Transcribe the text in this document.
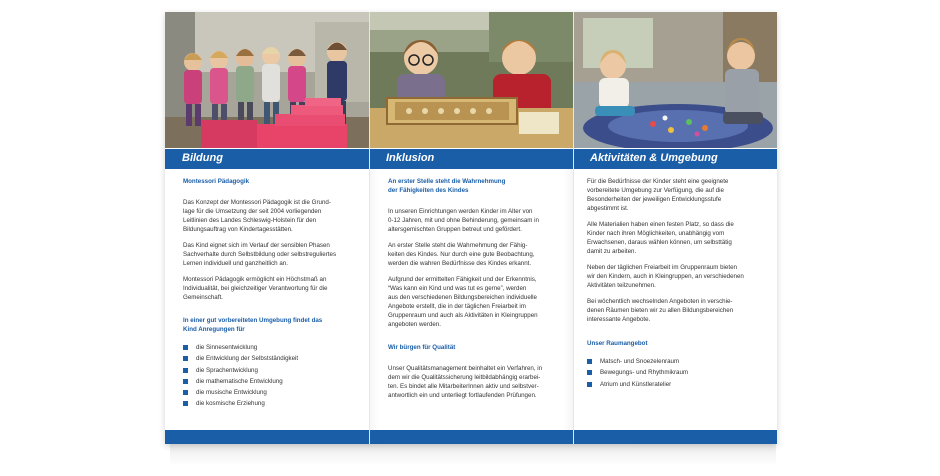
Bildung
Montessori Pädagogik
Das Konzept der Montessori Pädagogik ist die Grund-
lage für die Umsetzung der seit 2004 vorliegenden
Leitlinien des Landes Schleswig-Holstein für den
Bildungsauftrag von Kindertagesstätten.
Das Kind eignet sich im Verlauf der sensiblen Phasen
Sachverhalte durch Selbstbildung oder selbstreguliertes
Lernen individuell und ganzheitlich an.
Montessori Pädagogik ermöglicht ein Höchstmaß an
Individualität, bei gleichzeitiger Verantwortung für die
Gemeinschaft.
In einer gut vorbereiteten Umgebung findet das
Kind Anregungen für
die Sinnesentwicklung
die Entwicklung der Selbstständigkeit
die Sprachentwicklung
die mathematische Entwicklung
die musische Entwicklung
die kosmische Erziehung
Inklusion
An erster Stelle steht die Wahrnehmung
der Fähigkeiten des Kindes
In unseren Einrichtungen werden Kinder im Alter von
0-12 Jahren, mit und ohne Behinderung, gemeinsam in
altersgemischten Gruppen betreut und gefördert.
An erster Stelle steht die Wahrnehmung der Fähig-
keiten des Kindes. Nur durch eine gute Beobachtung,
werden die wahren Bedürfnisse des Kindes erkannt.
Aufgrund der ermittelten Fähigkeit und der Erkenntnis,
“Was kann ein Kind und was tut es gerne”, werden
aus den verschiedenen Bildungsbereichen individuelle
Angebote erstellt, die in der täglichen Freiarbeit im
Gruppenraum und auch als Aktivitäten in Kleingruppen
angeboten werden.
Wir bürgen für Qualität
Unser Qualitätsmanagement beinhaltet ein Verfahren, in
dem wir die Qualitätssicherung leitbildabhängig erarbei-
ten. Es bindet alle MitarbeiterInnen aktiv und selbstver-
antwortlich ein und unterliegt fortlaufenden Prüfungen.
Aktivitäten & Umgebung
Für die Bedürfnisse der Kinder steht eine geeignete
vorbereitete Umgebung zur Verfügung, die auf die
Besonderheiten der jeweiligen Entwicklungsstufe
abgestimmt ist.
Alle Materialien haben einen festen Platz, so dass die
Kinder nach ihren Möglichkeiten, unabhängig vom
Erwachsenen, daraus wählen können, um selbsttätig
damit zu arbeiten.
Neben der täglichen Freiarbeit im Gruppenraum bieten
wir den Kindern, auch in Kleingruppen, an verschiedenen
Aktivitäten teilzunehmen.
Bei wöchentlich wechselnden Angeboten in verschie-
denen Räumen bieten wir zu allen Bildungsbereichen
interessante Angebote.
Unser Raumangebot
Matsch- und Snoezelenraum
Bewegungs- und Rhythmikraum
Atrium und Künstleratelier
